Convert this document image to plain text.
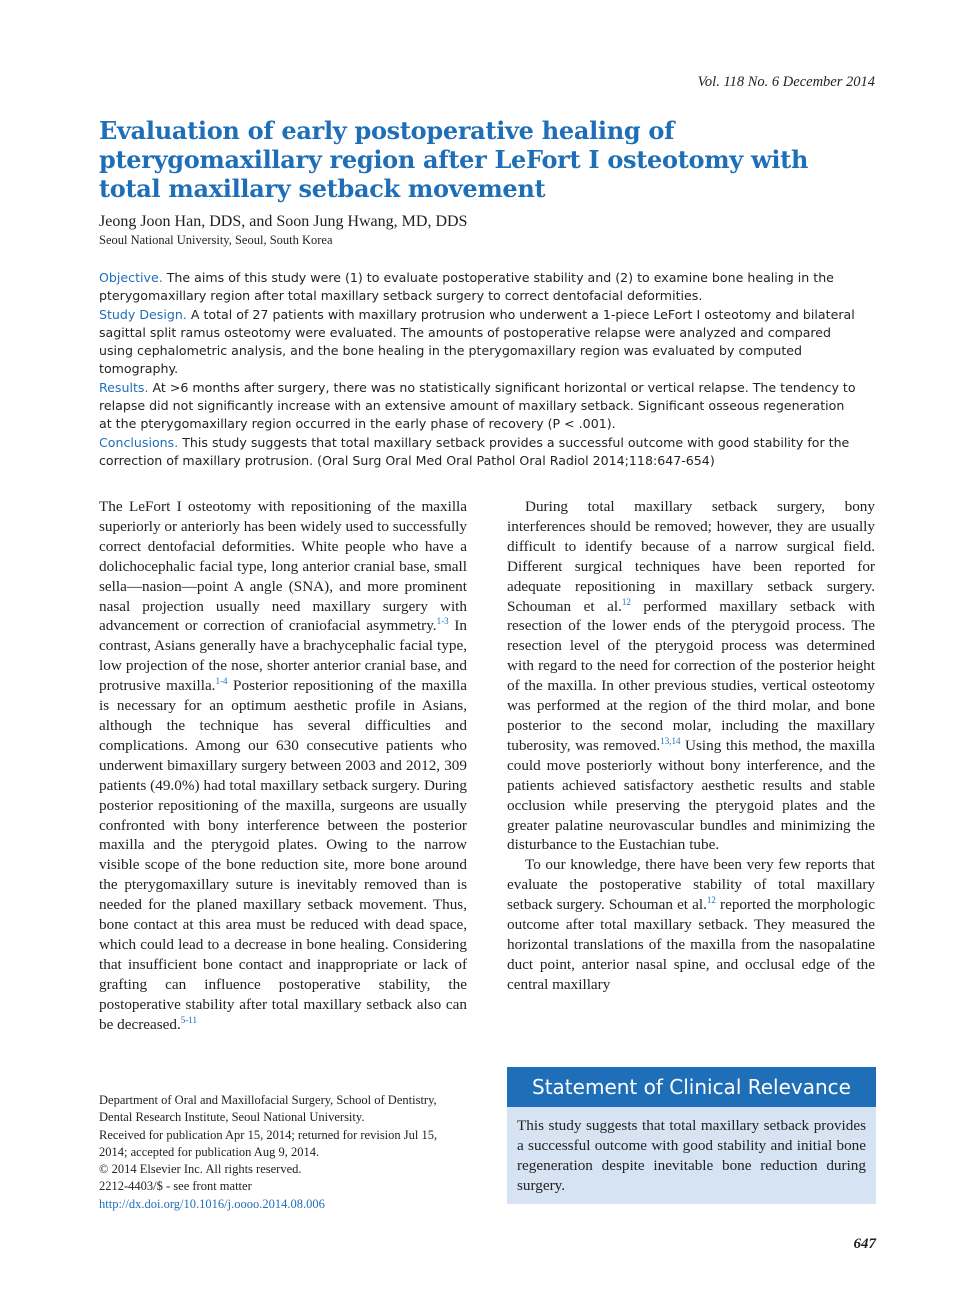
Vol. 118 No. 6 December 2014
Evaluation of early postoperative healing of pterygomaxillary region after LeFort I osteotomy with total maxillary setback movement
Jeong Joon Han, DDS, and Soon Jung Hwang, MD, DDS
Seoul National University, Seoul, South Korea

Objective. The aims of this study were (1) to evaluate postoperative stability and (2) to examine bone healing in the pterygomaxillary region after total maxillary setback surgery to correct dentofacial deformities.

Study Design. A total of 27 patients with maxillary protrusion who underwent a 1-piece LeFort I osteotomy and bilateral sagittal split ramus osteotomy were evaluated. The amounts of postoperative relapse were analyzed and compared using cephalometric analysis, and the bone healing in the pterygomaxillary region was evaluated by computed tomography.

Results. At >6 months after surgery, there was no statistically significant horizontal or vertical relapse. The tendency to relapse did not significantly increase with an extensive amount of maxillary setback. Significant osseous regeneration at the pterygomaxillary region occurred in the early phase of recovery (P < .001).

Conclusions. This study suggests that total maxillary setback provides a successful outcome with good stability for the correction of maxillary protrusion. (Oral Surg Oral Med Oral Pathol Oral Radiol 2014;118:647-654)

The LeFort I osteotomy with repositioning of the maxilla superiorly or anteriorly has been widely used to successfully correct dentofacial deformities. White people who have a dolichocephalic facial type, long anterior cranial base, small sella—nasion—point A angle (SNA), and more prominent nasal projection usually need maxillary surgery with advancement or correction of craniofacial asymmetry.$^{1-3}$ In contrast, Asians generally have a brachycephalic facial type, low projection of the nose, shorter anterior cranial base, and protrusive maxilla.$^{1-4}$ Posterior repositioning of the maxilla is necessary for an optimum aesthetic profile in Asians, although the technique has several difficulties and complications. Among our 630 consecutive patients who underwent bimaxillary surgery between 2003 and 2012, 309 patients (49.0%) had total maxillary setback surgery. During posterior repositioning of the maxilla, surgeons are usually confronted with bony interference between the posterior maxilla and the pterygoid plates. Owing to the narrow visible scope of the bone reduction site, more bone around the pterygomaxillary suture is inevitably removed than is needed for the planed maxillary setback movement. Thus, bone contact at this area must be reduced with dead space, which could lead to a decrease in bone healing. Considering that insufficient bone contact and inappropriate or lack of grafting can influence postoperative stability, the postoperative stability after total maxillary setback also can be decreased.$^{5-11}$

During total maxillary setback surgery, bony interferences should be removed; however, they are usually difficult to identify because of a narrow surgical field. Different surgical techniques have been reported for adequate repositioning in maxillary setback surgery. Schouman et al.$^{12}$ performed maxillary setback with resection of the lower ends of the pterygoid process. The resection level of the pterygoid process was determined with regard to the need for correction of the posterior height of the maxilla. In other previous studies, vertical osteotomy was performed at the region of the third molar, and bone posterior to the second molar, including the maxillary tuberosity, was removed.$^{13,14}$ Using this method, the maxilla could move posteriorly without bony interference, and the patients achieved satisfactory aesthetic results and stable occlusion while preserving the pterygoid plates and the greater palatine neurovascular bundles and minimizing the disturbance to the Eustachian tube.

To our knowledge, there have been very few reports that evaluate the postoperative stability of total maxillary setback surgery. Schouman et al.$^{12}$ reported the morphologic outcome after total maxillary setback. They measured the horizontal translations of the maxilla from the nasopalatine duct point, anterior nasal spine, and occlusal edge of the central maxillary

Department of Oral and Maxillofacial Surgery, School of Dentistry,
Dental Research Institute, Seoul National University.
Received for publication Apr 15, 2014; returned for revision Jul 15,
2014; accepted for publication Aug 9, 2014.
© 2014 Elsevier Inc. All rights reserved.
2212-4403/$ - see front matter
http://dx.doi.org/10.1016/j.oooo.2014.08.006
Statement of Clinical Relevance
This study suggests that total maxillary setback provides a successful outcome with good stability and initial bone regeneration despite inevitable bone reduction during surgery.
647
